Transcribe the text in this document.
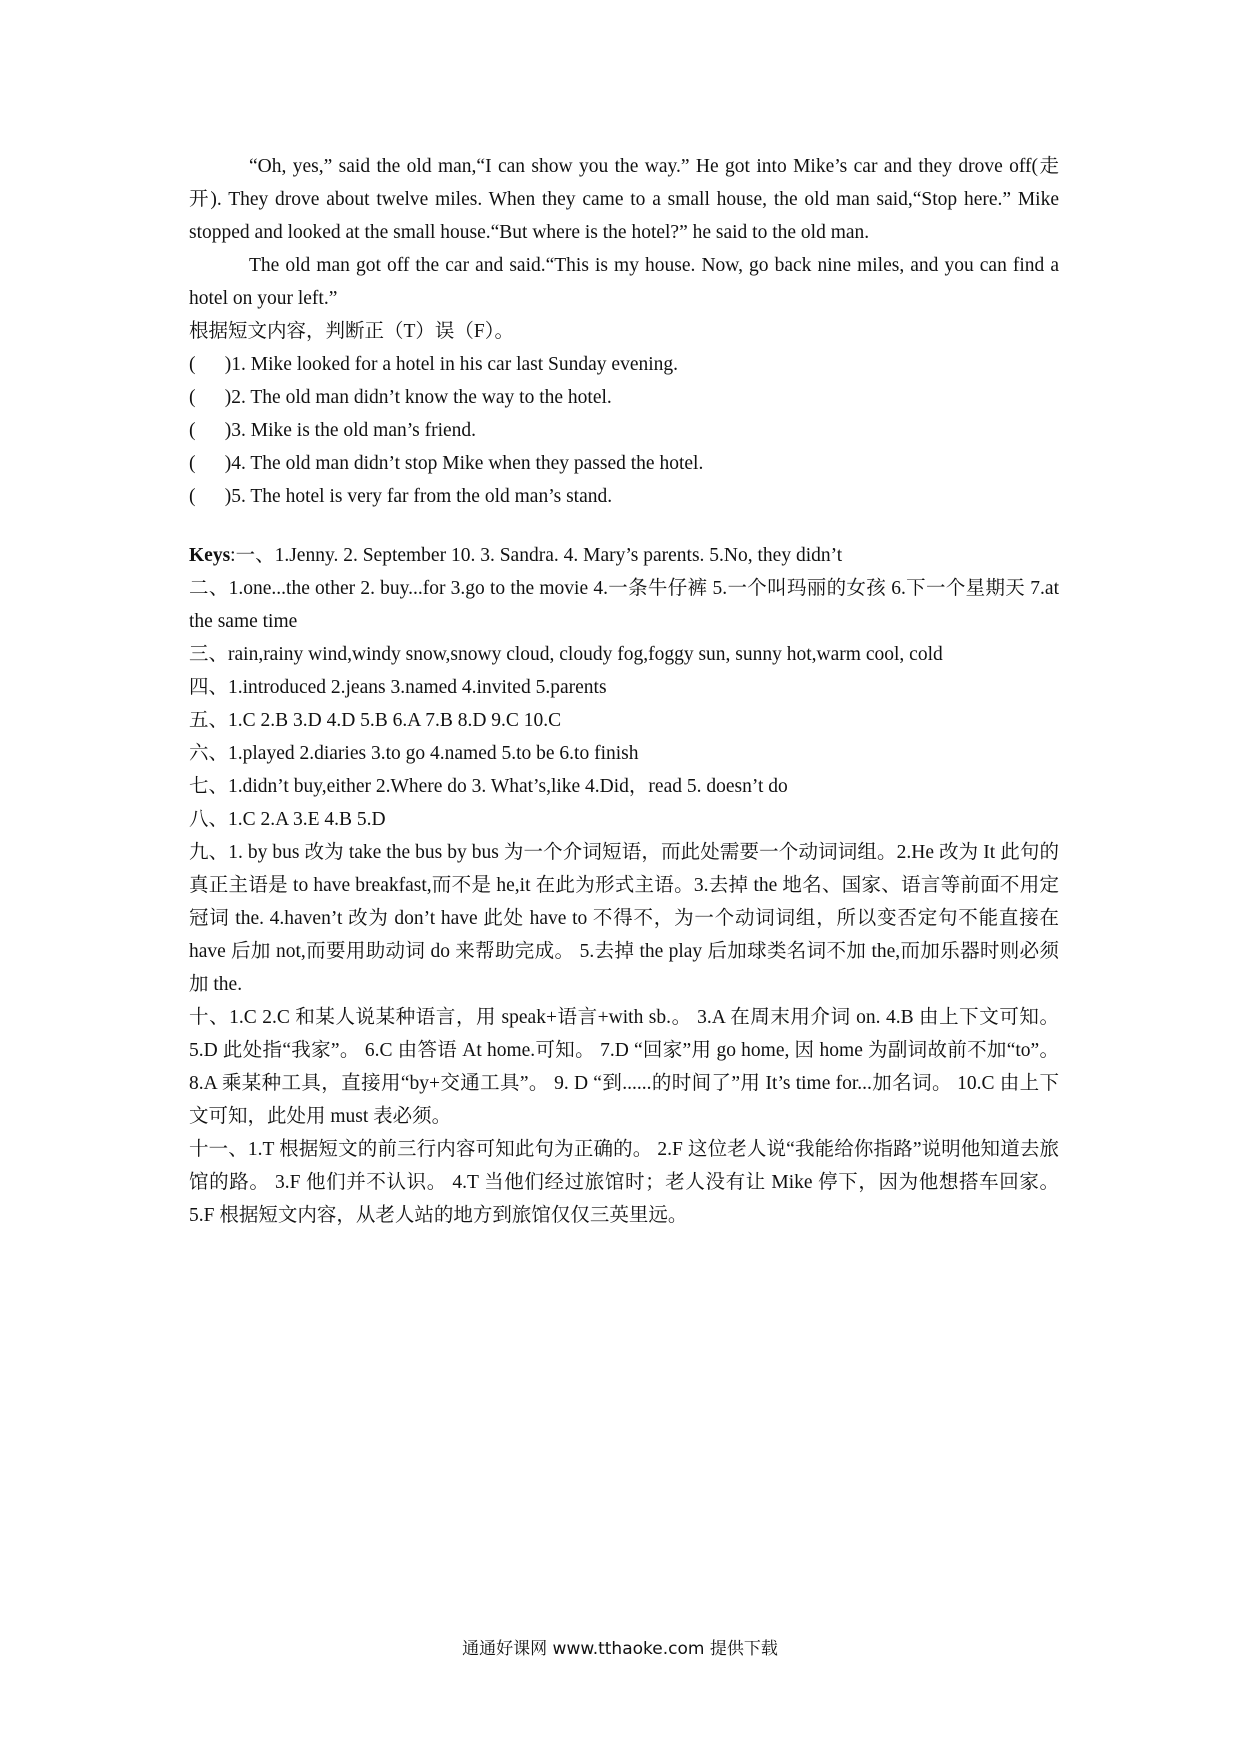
“Oh, yes,” said the old man,“I can show you the way.” He got into Mike’s car and they drove off(走开). They drove about twelve miles. When they came to a small house, the old man said,“Stop here.” Mike stopped and looked at the small house.“But where is the hotel?” he said to the old man.

The old man got off the car and said.“This is my house. Now, go back nine miles, and you can find a hotel on your left.”

根据短文内容，判断正（T）误（F）。

(      )1. Mike looked for a hotel in his car last Sunday evening.

(      )2. The old man didn’t know the way to the hotel.

(      )3. Mike is the old man’s friend.

(      )4. The old man didn’t stop Mike when they passed the hotel.

(      )5. The hotel is very far from the old man’s stand.

Keys:一、1.Jenny. 2. September 10. 3. Sandra. 4. Mary’s parents. 5.No, they didn’t

二、1.one...the other 2. buy...for 3.go to the movie 4.一条牛仔裤 5.一个叫玛丽的女孩 6.下一个星期天 7.at the same time

三、rain,rainy wind,windy snow,snowy cloud, cloudy fog,foggy sun, sunny hot,warm cool, cold

四、1.introduced 2.jeans 3.named 4.invited 5.parents

五、1.C 2.B 3.D 4.D 5.B 6.A 7.B 8.D 9.C 10.C

六、1.played 2.diaries 3.to go 4.named 5.to be 6.to finish

七、1.didn’t buy,either 2.Where do 3. What’s,like 4.Did，read 5. doesn’t do

八、1.C 2.A 3.E 4.B 5.D

九、1. by bus 改为 take the bus by bus 为一个介词短语，而此处需要一个动词词组。2.He 改为 It 此句的真正主语是 to have breakfast,而不是 he,it 在此为形式主语。3.去掉 the 地名、国家、语言等前面不用定冠词 the. 4.haven’t 改为 don’t have 此处 have to 不得不，为一个动词词组，所以变否定句不能直接在 have 后加 not,而要用助动词 do 来帮助完成。 5.去掉 the play 后加球类名词不加 the,而加乐器时则必须加 the.

十、1.C 2.C 和某人说某种语言，用 speak+语言+with sb.。 3.A 在周末用介词 on. 4.B 由上下文可知。 5.D 此处指“我家”。 6.C 由答语 At home.可知。 7.D “回家”用 go home, 因 home 为副词故前不加“to”。 8.A 乘某种工具，直接用“by+交通工具”。 9. D “到......的时间了”用 It’s time for...加名词。 10.C 由上下文可知，此处用 must 表必须。

十一、1.T 根据短文的前三行内容可知此句为正确的。 2.F 这位老人说“我能给你指路”说明他知道去旅馆的路。 3.F 他们并不认识。 4.T 当他们经过旅馆时；老人没有让 Mike 停下，因为他想搭车回家。 5.F 根据短文内容，从老人站的地方到旅馆仅仅三英里远。

通通好课网 www.tthaoke.com 提供下载
